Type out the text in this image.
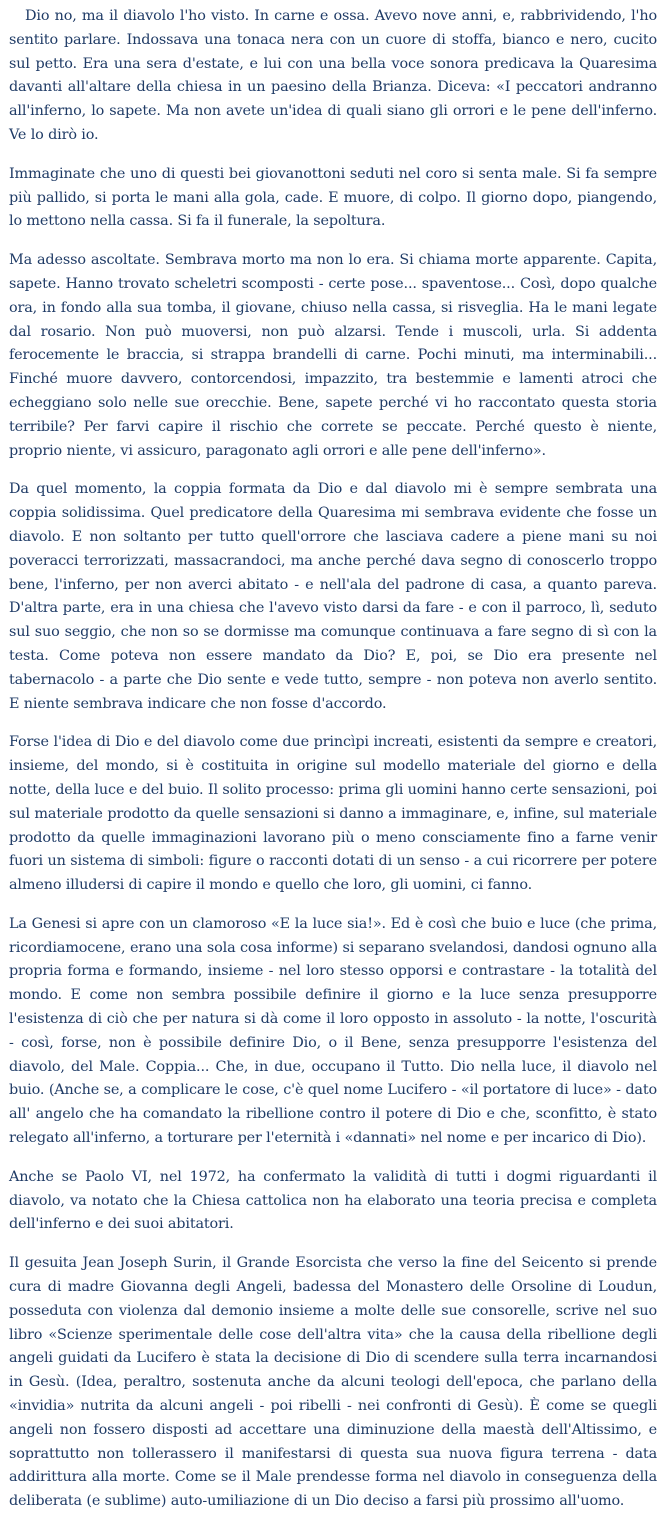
Dio no, ma il diavolo l'ho visto. In carne e ossa. Avevo nove anni, e, rabbrividendo, l'ho sentito parlare. Indossava una tonaca nera con un cuore di stoffa, bianco e nero, cucito sul petto. Era una sera d'estate, e lui con una bella voce sonora predicava la Quaresima davanti all'altare della chiesa in un paesino della Brianza. Diceva: «I peccatori andranno all'inferno, lo sapete. Ma non avete un'idea di quali siano gli orrori e le pene dell'inferno. Ve lo dirò io.

Immaginate che uno di questi bei giovanottoni seduti nel coro si senta male. Si fa sempre più pallido, si porta le mani alla gola, cade. E muore, di colpo. Il giorno dopo, piangendo, lo mettono nella cassa. Si fa il funerale, la sepoltura.

Ma adesso ascoltate. Sembrava morto ma non lo era. Si chiama morte apparente. Capita, sapete. Hanno trovato scheletri scomposti - certe pose... spaventose... Così, dopo qualche ora, in fondo alla sua tomba, il giovane, chiuso nella cassa, si risveglia. Ha le mani legate dal rosario. Non può muoversi, non può alzarsi. Tende i muscoli, urla. Si addenta ferocemente le braccia, si strappa brandelli di carne. Pochi minuti, ma interminabili... Finché muore davvero, contorcendosi, impazzito, tra bestemmie e lamenti atroci che echeggiano solo nelle sue orecchie. Bene, sapete perché vi ho raccontato questa storia terribile? Per farvi capire il rischio che correte se peccate. Perché questo è niente, proprio niente, vi assicuro, paragonato agli orrori e alle pene dell'inferno».

Da quel momento, la coppia formata da Dio e dal diavolo mi è sempre sembrata una coppia solidissima. Quel predicatore della Quaresima mi sembrava evidente che fosse un diavolo. E non soltanto per tutto quell'orrore che lasciava cadere a piene mani su noi poveracci terrorizzati, massacrandoci, ma anche perché dava segno di conoscerlo troppo bene, l'inferno, per non averci abitato - e nell'ala del padrone di casa, a quanto pareva. D'altra parte, era in una chiesa che l'avevo visto darsi da fare - e con il parroco, lì, seduto sul suo seggio, che non so se dormisse ma comunque continuava a fare segno di sì con la testa. Come poteva non essere mandato da Dio? E, poi, se Dio era presente nel tabernacolo - a parte che Dio sente e vede tutto, sempre - non poteva non averlo sentito. E niente sembrava indicare che non fosse d'accordo.

Forse l'idea di Dio e del diavolo come due princìpi increati, esistenti da sempre e creatori, insieme, del mondo, si è costituita in origine sul modello materiale del giorno e della notte, della luce e del buio. Il solito processo: prima gli uomini hanno certe sensazioni, poi sul materiale prodotto da quelle sensazioni si danno a immaginare, e, infine, sul materiale prodotto da quelle immaginazioni lavorano più o meno consciamente fino a farne venir fuori un sistema di simboli: figure o racconti dotati di un senso - a cui ricorrere per potere almeno illudersi di capire il mondo e quello che loro, gli uomini, ci fanno.

La Genesi si apre con un clamoroso «E la luce sia!». Ed è così che buio e luce (che prima, ricordiamocene, erano una sola cosa informe) si separano svelandosi, dandosi ognuno alla propria forma e formando, insieme - nel loro stesso opporsi e contrastare - la totalità del mondo. E come non sembra possibile definire il giorno e la luce senza presupporre l'esistenza di ciò che per natura si dà come il loro opposto in assoluto - la notte, l'oscurità - così, forse, non è possibile definire Dio, o il Bene, senza presupporre l'esistenza del diavolo, del Male. Coppia... Che, in due, occupano il Tutto. Dio nella luce, il diavolo nel buio. (Anche se, a complicare le cose, c'è quel nome Lucifero - «il portatore di luce» - dato all' angelo che ha comandato la ribellione contro il potere di Dio e che, sconfitto, è stato relegato all'inferno, a torturare per l'eternità i «dannati» nel nome e per incarico di Dio).

Anche se Paolo VI, nel 1972, ha confermato la validità di tutti i dogmi riguardanti il diavolo, va notato che la Chiesa cattolica non ha elaborato una teoria precisa e completa dell'inferno e dei suoi abitatori.

Il gesuita Jean Joseph Surin, il Grande Esorcista che verso la fine del Seicento si prende cura di madre Giovanna degli Angeli, badessa del Monastero delle Orsoline di Loudun, posseduta con violenza dal demonio insieme a molte delle sue consorelle, scrive nel suo libro «Scienze sperimentale delle cose dell'altra vita» che la causa della ribellione degli angeli guidati da Lucifero è stata la decisione di Dio di scendere sulla terra incarnandosi in Gesù. (Idea, peraltro, sostenuta anche da alcuni teologi dell'epoca, che parlano della «invidia» nutrita da alcuni angeli - poi ribelli - nei confronti di Gesù). È come se quegli angeli non fossero disposti ad accettare una diminuzione della maestà dell'Altissimo, e soprattutto non tollerassero il manifestarsi di questa sua nuova figura terrena - data addirittura alla morte. Come se il Male prendesse forma nel diavolo in conseguenza della deliberata (e sublime) auto-umiliazione di un Dio deciso a farsi più prossimo all'uomo.
